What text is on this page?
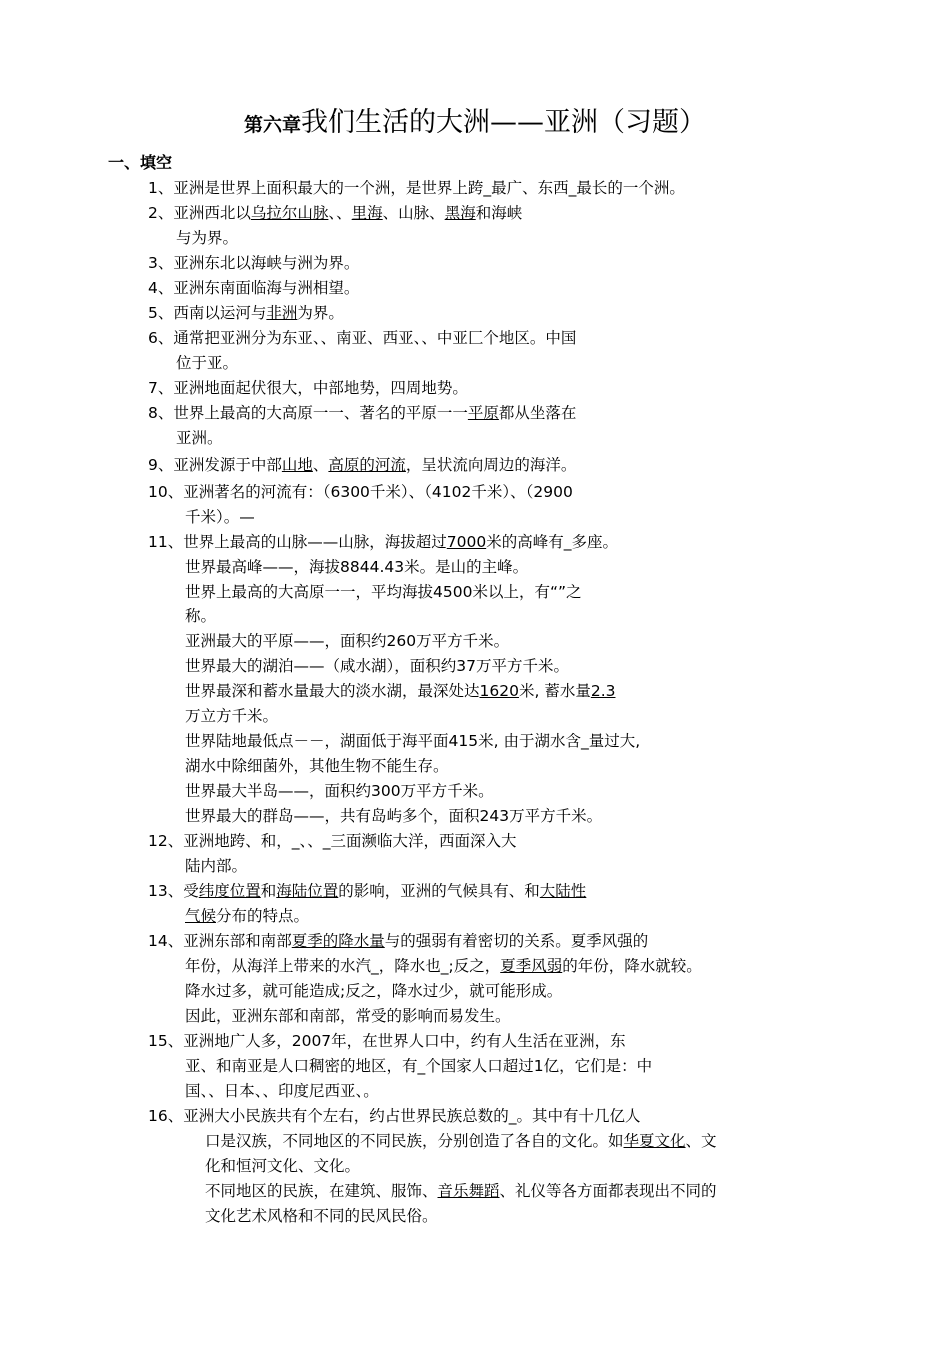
第六章我们生活的大洲——亚洲（习题）
一、填空
1、亚洲是世界上面积最大的一个洲，是世界上跨_最广、东西_最长的一个洲。
2、亚洲西北以乌拉尔山脉、、里海、山脉、黑海和海峡
与为界。
3、亚洲东北以海峡与洲为界。
4、亚洲东南面临海与洲相望。
5、西南以运河与非洲为界。
6、通常把亚洲分为东亚、、南亚、西亚、、中亚匚个地区。中国
位于亚。
7、亚洲地面起伏很大，中部地势，四周地势。
8、世界上最高的大高原一一、著名的平原一一平原都从坐落在
亚洲。
9、亚洲发源于中部山地、高原的河流，呈状流向周边的海洋。
10、亚洲著名的河流有：（6300千米）、（4102千米）、（2900
千米）。—
11、世界上最高的山脉——山脉，海拔超过7000米的高峰有_多座。
世界最高峰——，海拔8844.43米。是山的主峰。
世界上最高的大高原一一，平均海拔4500米以上，有“”之
称。
亚洲最大的平原——，面积约260万平方千米。
世界最大的湖泊——（咸水湖），面积约37万平方千米。
世界最深和蓄水量最大的淡水湖，最深处达1620米, 蓄水量2.3
万立方千米。
世界陆地最低点－－，湖面低于海平面415米, 由于湖水含_量过大,
湖水中除细菌外，其他生物不能生存。
世界最大半岛——，面积约300万平方千米。
世界最大的群岛——，共有岛屿多个，面积243万平方千米。
12、亚洲地跨、和，_、、_三面濒临大洋，西面深入大
陆内部。
13、受纬度位置和海陆位置的影响，亚洲的气候具有、和大陆性
气候分布的特点。
14、亚洲东部和南部夏季的降水量与的强弱有着密切的关系。夏季风强的
年份，从海洋上带来的水汽_，降水也_;反之，夏季风弱的年份，降水就较。
降水过多，就可能造成;反之，降水过少，就可能形成。
因此，亚洲东部和南部，常受的影响而易发生。
15、亚洲地广人多，2007年，在世界人口中，约有人生活在亚洲，东
亚、和南亚是人口稠密的地区，有_个国家人口超过1亿，它们是：中
国、、日本、、印度尼西亚、。
16、亚洲大小民族共有个左右，约占世界民族总数的_。其中有十几亿人
口是汉族，不同地区的不同民族，分别创造了各自的文化。如华夏文化、文
化和恒河文化、文化。
不同地区的民族，在建筑、服饰、音乐舞蹈、礼仪等各方面都表现出不同的
文化艺术风格和不同的民风民俗。
